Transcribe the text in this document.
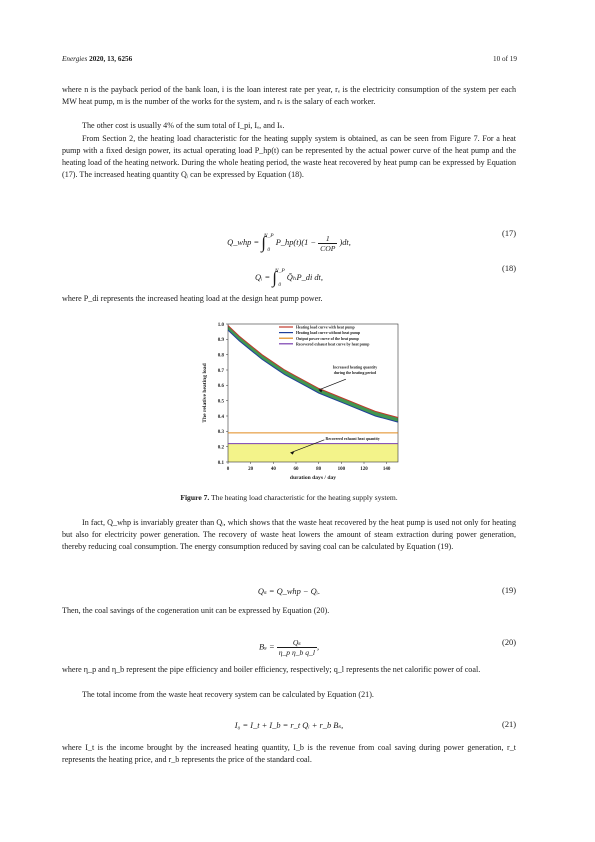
Energies 2020, 13, 6256	10 of 19
where n is the payback period of the bank loan, i is the loan interest rate per year, rₑ is the electricity consumption of the system per each MW heat pump, m is the number of the works for the system, and rₛ is the salary of each worker.
The other cost is usually 4% of the sum total of I_pi, Iₑ, and Iₛ.
From Section 2, the heating load characteristic for the heating supply system is obtained, as can be seen from Figure 7. For a heat pump with a fixed design power, its actual operating load P_hp(t) can be represented by the actual power curve of the heat pump and the heating load of the heating network. During the whole heating period, the waste heat recovered by heat pump can be expressed by Equation (17). The increased heating quantity Qᵢ can be expressed by Equation (18).
Q_whp = ∫
N_P
0
P_hp(t)(1 − $\frac{1}{\text{COP}} )dt$,
(17)
Qᵢ = ∫
N_P
0
Q̄ₕP_di dt,
(18)
where P_di represents the increased heating load at the design heat pump power.
0	20	40	60	80	100	120	140
0.1
0.2
0.3
0.4
0.5
0.6
0.7
0.8
0.9
1.0
duration days / day
The relative heating load
Heating load curve with heat pump
Heating load curve without heat pump
Output power curve of the heat pump
Recovered exhaust heat curve by heat pump
Increased heating quantity
during the heating period
Recovered exhaust heat quantity
Figure 7. The heating load characteristic for the heating supply system.
In fact, Q_whp is invariably greater than Qᵢ, which shows that the waste heat recovered by the heat pump is used not only for heating but also for electricity power generation. The recovery of waste heat lowers the amount of steam extraction during power generation, thereby reducing coal consumption. The energy consumption reduced by saving coal can be calculated by Equation (19).
Qₛ = Q_whp − Qᵢ.	(19)
Then, the coal savings of the cogeneration unit can be expressed by Equation (20).
$B_s = \frac{\text{Qₛ}}{\text{η\_p η\_b q\_l}}$ ,	(20)
where η_p and η_b represent the pipe efficiency and boiler efficiency, respectively; q_l represents the net calorific power of coal.
The total income from the waste heat recovery system can be calculated by Equation (21).
I₀ = I_t + I_b = r_t Qᵢ + r_b Bₛ,	(21)
where I_t is the income brought by the increased heating quantity, I_b is the revenue from coal saving during power generation, r_t represents the heating price, and r_b represents the price of the standard coal.
